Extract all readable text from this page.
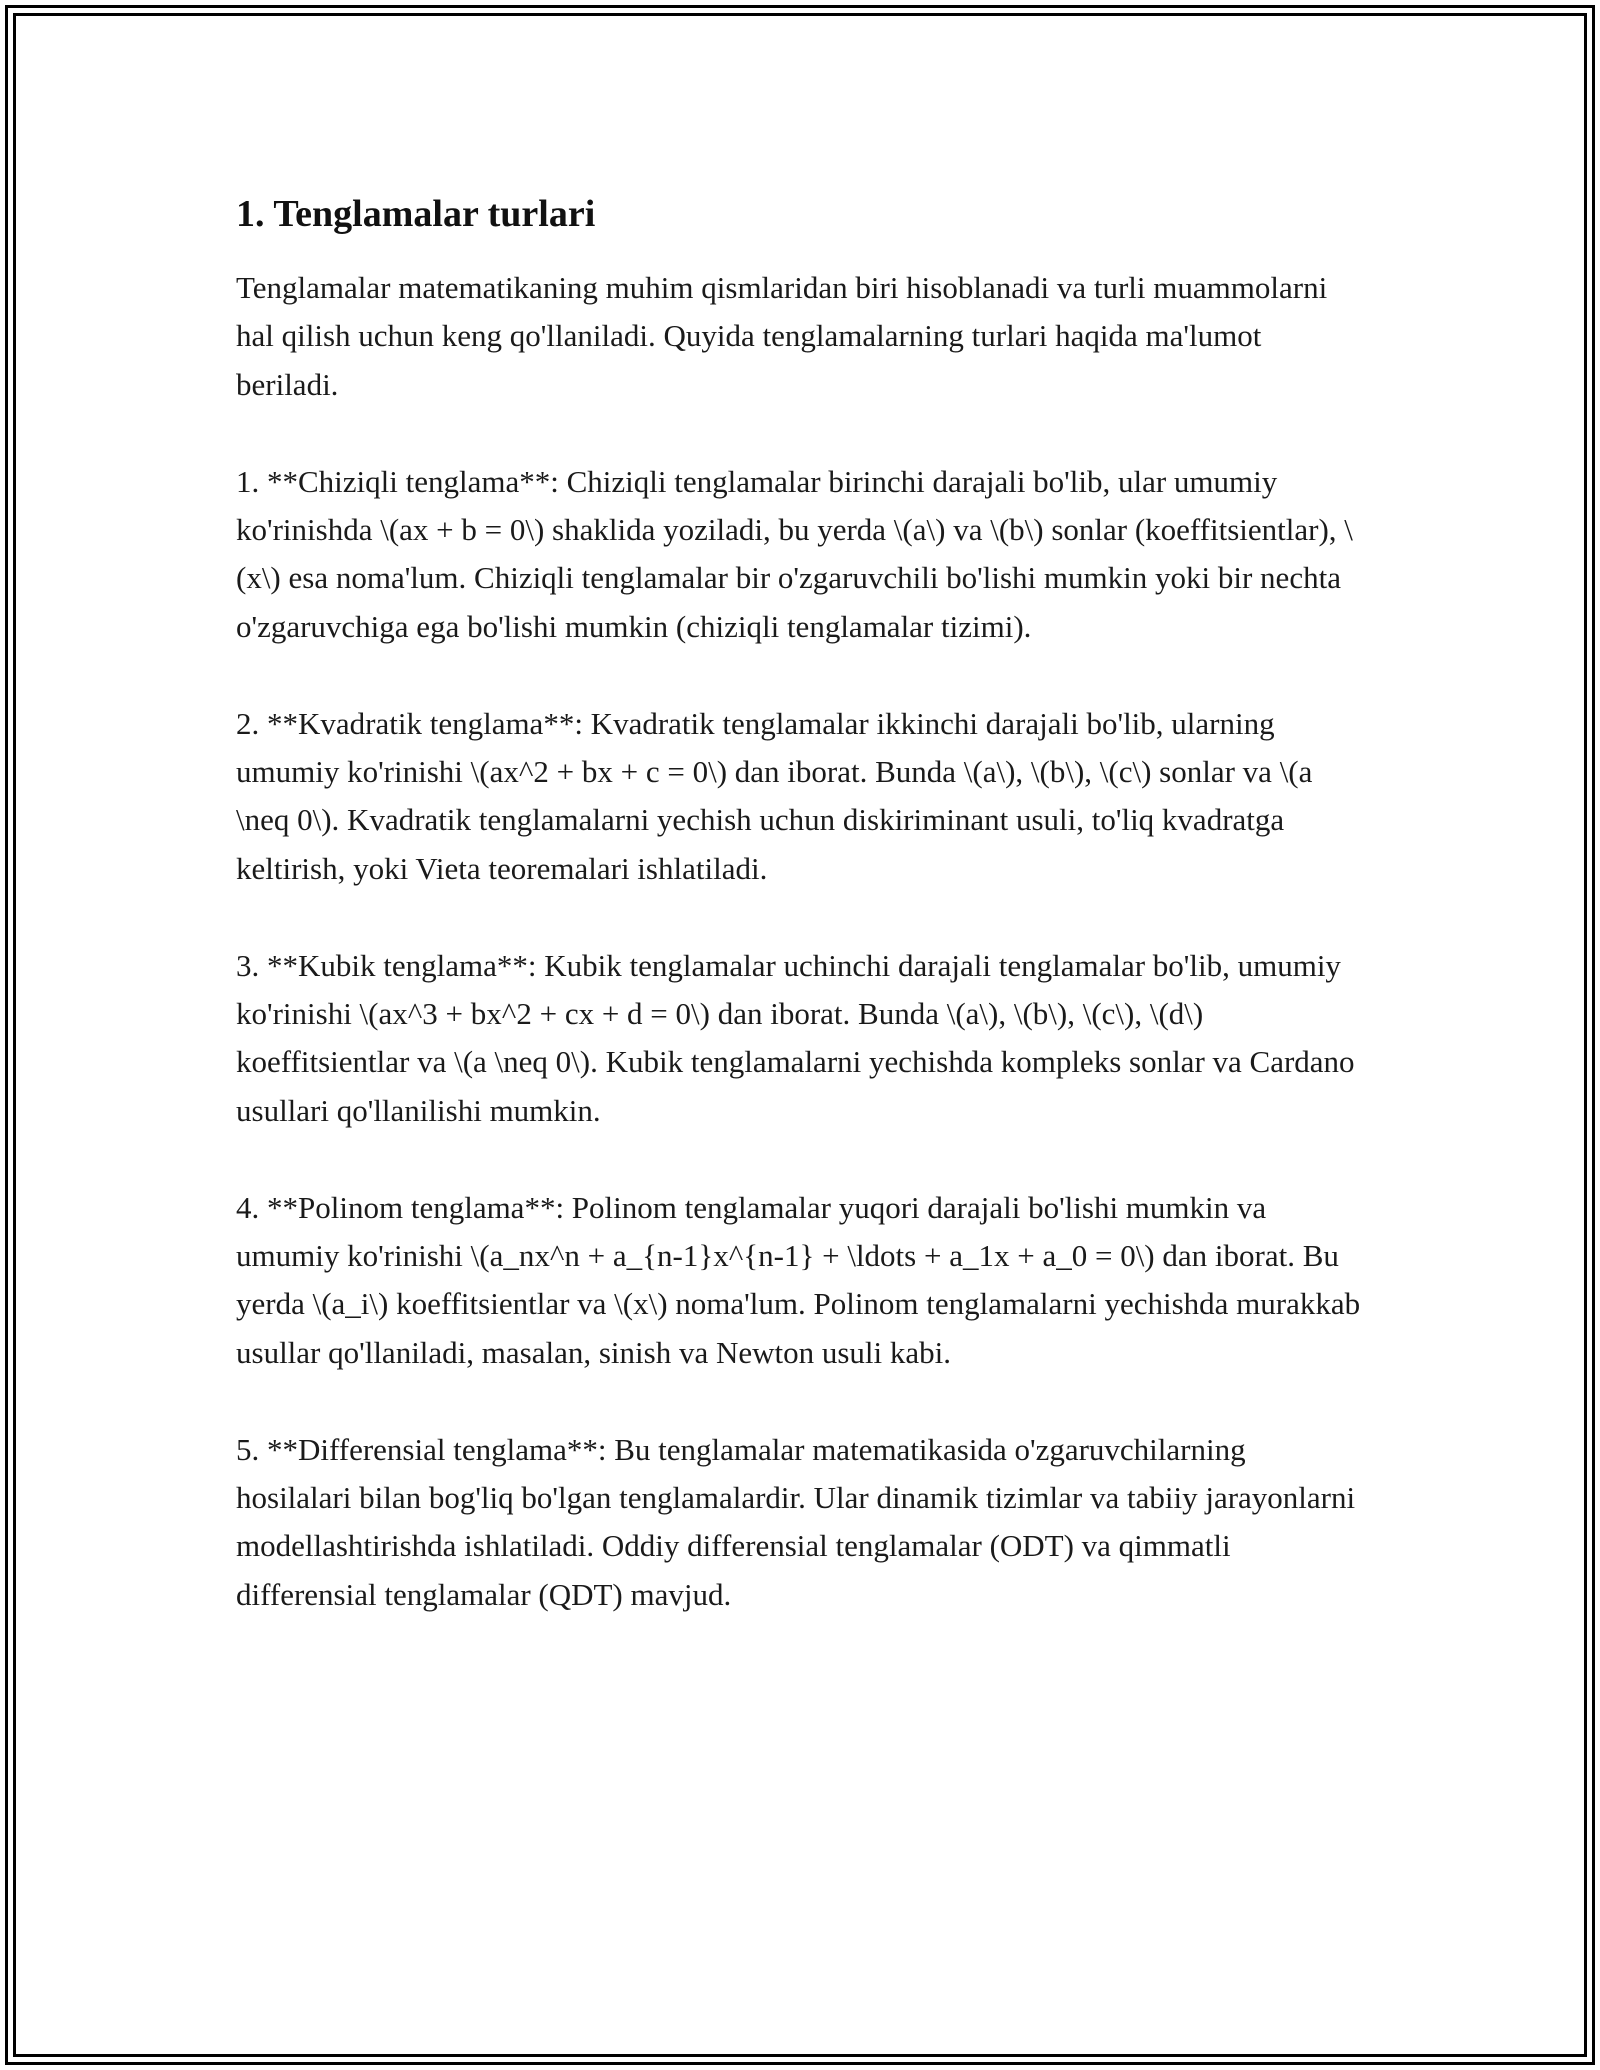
1. Tenglamalar turlari

Tenglamalar matematikaning muhim qismlaridan biri hisoblanadi va turli muammolarni hal qilish uchun keng qo'llaniladi. Quyida tenglamalarning turlari haqida ma'lumot beriladi.

1. **Chiziqli tenglama**: Chiziqli tenglamalar birinchi darajali bo'lib, ular umumiy ko'rinishda \(ax + b = 0\) shaklida yoziladi, bu yerda \(a\) va \(b\) sonlar (koeffitsientlar), \(x\) esa noma'lum. Chiziqli tenglamalar bir o'zgaruvchili bo'lishi mumkin yoki bir nechta o'zgaruvchiga ega bo'lishi mumkin (chiziqli tenglamalar tizimi).

2. **Kvadratik tenglama**: Kvadratik tenglamalar ikkinchi darajali bo'lib, ularning umumiy ko'rinishi \(ax^2 + bx + c = 0\) dan iborat. Bunda \(a\), \(b\), \(c\) sonlar va \(a \neq 0\). Kvadratik tenglamalarni yechish uchun diskiriminant usuli, to'liq kvadratga keltirish, yoki Vieta teoremalari ishlatiladi.

3. **Kubik tenglama**: Kubik tenglamalar uchinchi darajali tenglamalar bo'lib, umumiy ko'rinishi \(ax^3 + bx^2 + cx + d = 0\) dan iborat. Bunda \(a\), \(b\), \(c\), \(d\) koeffitsientlar va \(a \neq 0\). Kubik tenglamalarni yechishda kompleks sonlar va Cardano usullari qo'llanilishi mumkin.

4. **Polinom tenglama**: Polinom tenglamalar yuqori darajali bo'lishi mumkin va umumiy ko'rinishi \(a_nx^n + a_{n-1}x^{n-1} + \ldots + a_1x + a_0 = 0\) dan iborat. Bu yerda \(a_i\) koeffitsientlar va \(x\) noma'lum. Polinom tenglamalarni yechishda murakkab usullar qo'llaniladi, masalan, sinish va Newton usuli kabi.

5. **Differensial tenglama**: Bu tenglamalar matematikasida o'zgaruvchilarning hosilalari bilan bog'liq bo'lgan tenglamalardir. Ular dinamik tizimlar va tabiiy jarayonlarni modellashtirishda ishlatiladi. Oddiy differensial tenglamalar (ODT) va qimmatli differensial tenglamalar (QDT) mavjud.
